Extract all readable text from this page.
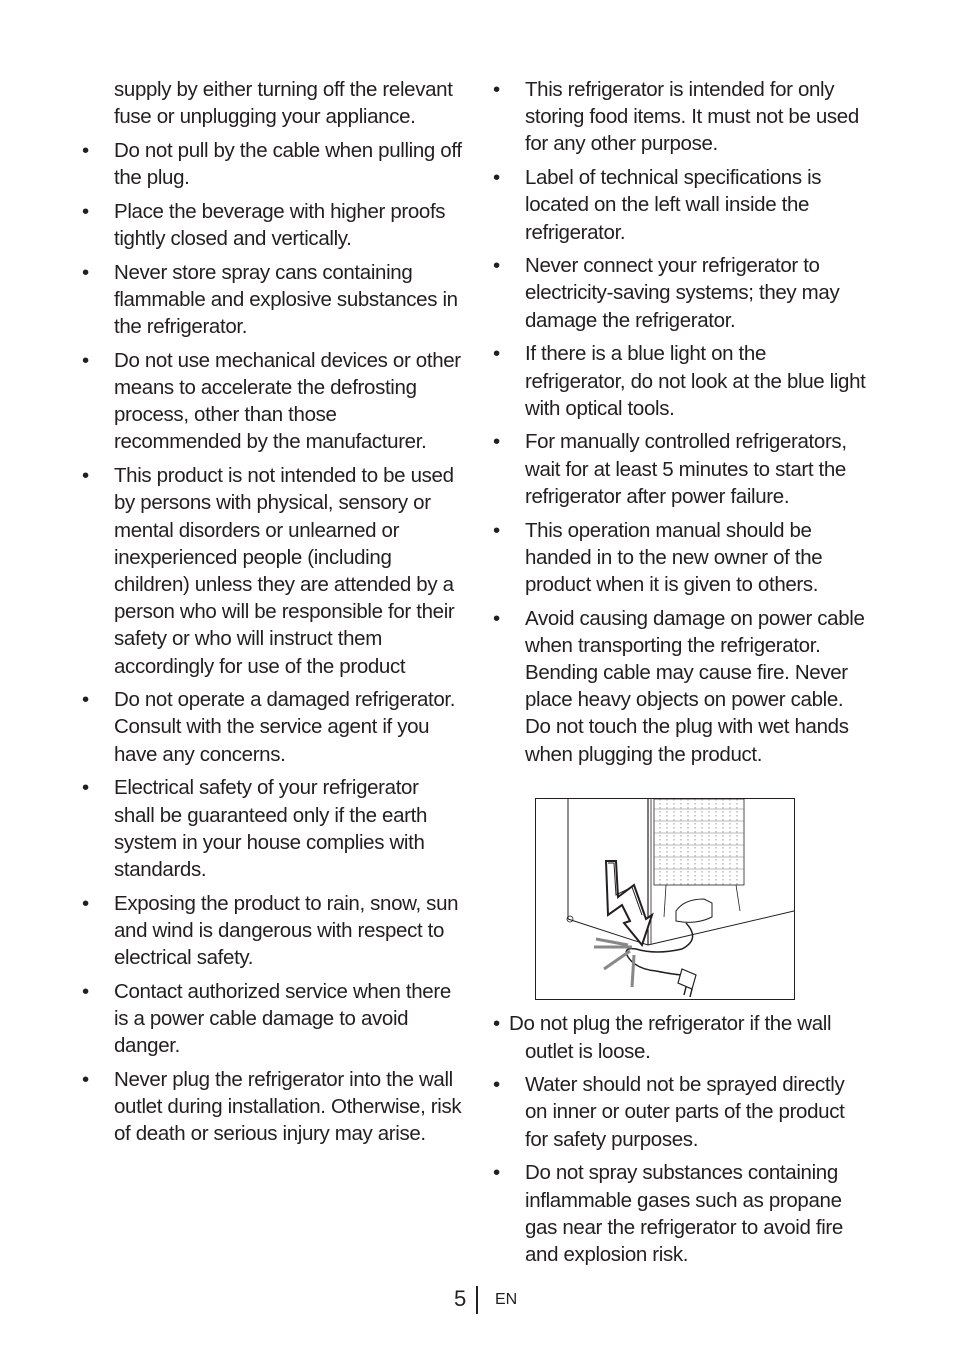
supply by either turning off the relevant fuse or unplugging your appliance.

• Do not pull by the cable when pulling off the plug.

• Place the beverage with higher proofs tightly closed and vertically.

• Never store spray cans containing flammable and explosive substances in the refrigerator.

• Do not use mechanical devices or other means to accelerate the defrosting process, other than those recommended by the manufacturer.

• This product is not intended to be used by persons with physical, sensory or mental disorders or unlearned or inexperienced people (including children) unless they are attended by a person who will be responsible for their safety or who will instruct them accordingly for use of the product

• Do not operate a damaged refrigerator. Consult with the service agent if you have any concerns.

• Electrical safety of your refrigerator shall be guaranteed only if the earth system in your house complies with standards.

• Exposing the product to rain, snow, sun and wind is dangerous with respect to electrical safety.

• Contact authorized service when there is a power cable damage to avoid danger.

• Never plug the refrigerator into the wall outlet during installation. Otherwise, risk of death or serious injury may arise.

• This refrigerator is intended for only storing food items. It must not be used for any other purpose.

• Label of technical specifications is located on the left wall inside the refrigerator.

• Never connect your refrigerator to electricity-saving systems; they may damage the refrigerator.

• If there is a blue light on the refrigerator, do not look at the blue light with optical tools.

• For manually controlled refrigerators, wait for at least 5 minutes to start the refrigerator after power failure.

• This operation manual should be handed in to the new owner of the product when it is given to others.

• Avoid causing damage on power cable when transporting the refrigerator. Bending cable may cause fire. Never place heavy objects on power cable. Do not touch the plug with wet hands when plugging the product.

• Do not plug the refrigerator if the wall outlet is loose.

• Water should not be sprayed directly on inner or outer parts of the product for safety purposes.

• Do not spray substances containing inflammable gases such as propane gas near the refrigerator to avoid fire and explosion risk.

5 EN
